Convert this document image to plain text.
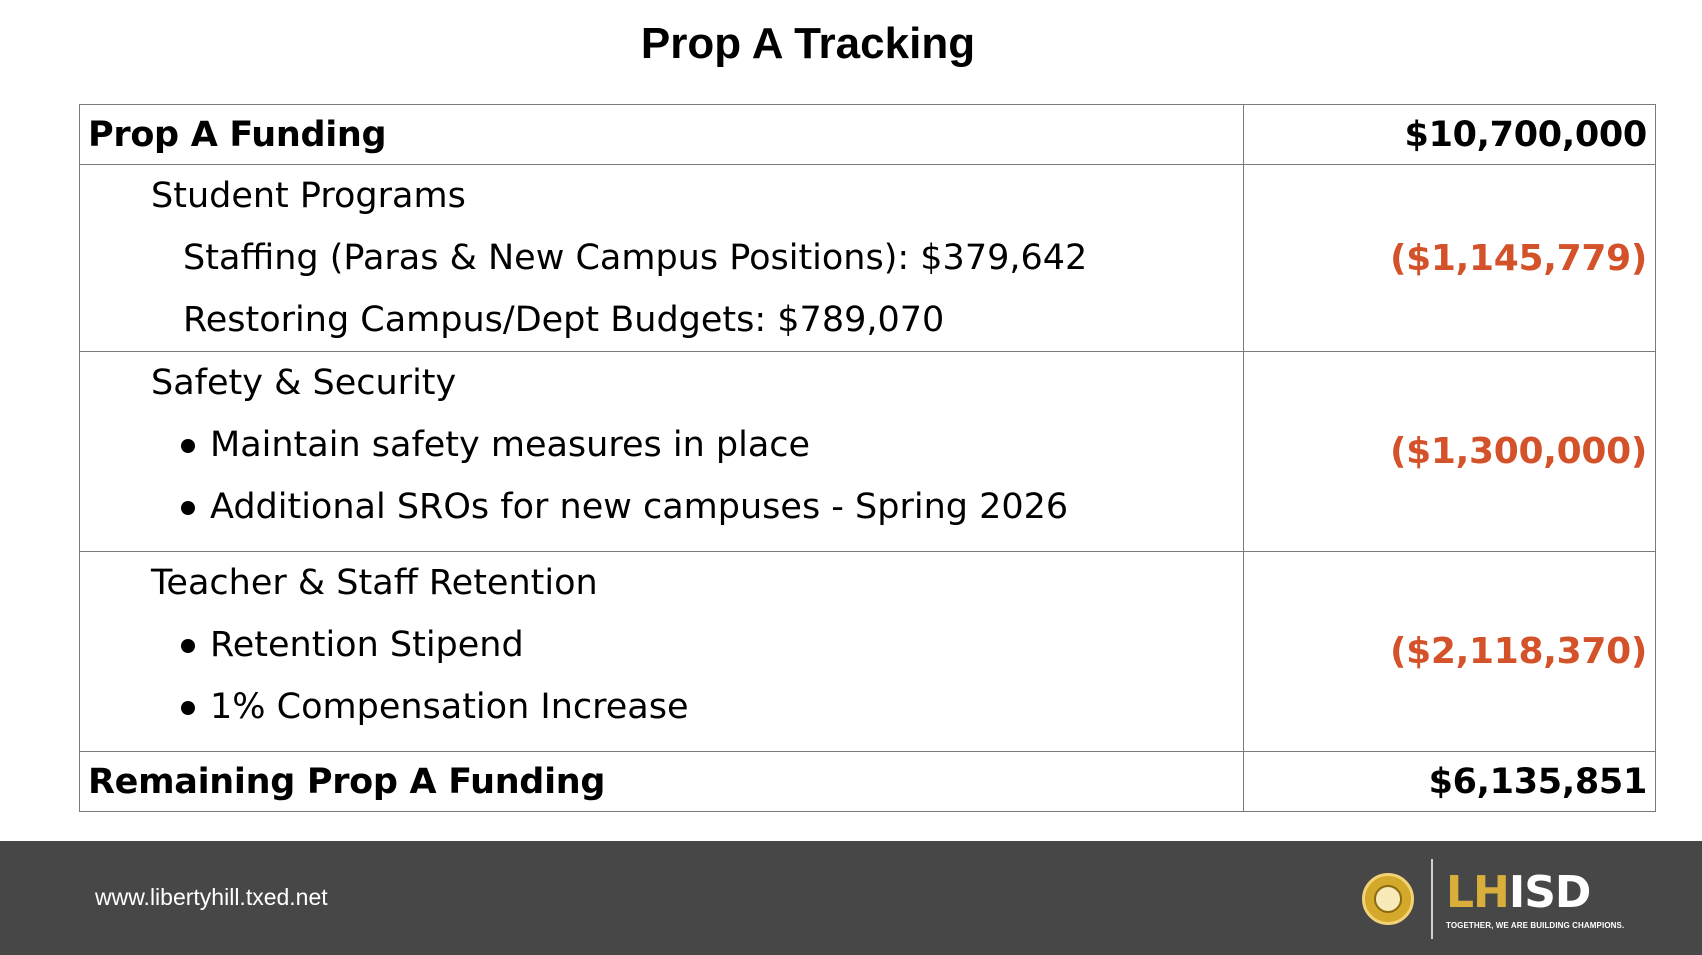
Prop A Tracking
Prop A Funding	$10,700,000

Student Programs
Staffing (Paras & New Campus Positions): $379,642
Restoring Campus/Dept Budgets: $789,070	($1,145,779)

Safety & Security
Maintain safety measures in place
Additional SROs for new campuses - Spring 2026	($1,300,000)

Teacher & Staff Retention
Retention Stipend
1% Compensation Increase	($2,118,370)
Remaining Prop A Funding	$6,135,851
www.libertyhill.txed.net	LHISD
TOGETHER, WE ARE BUILDING CHAMPIONS.
